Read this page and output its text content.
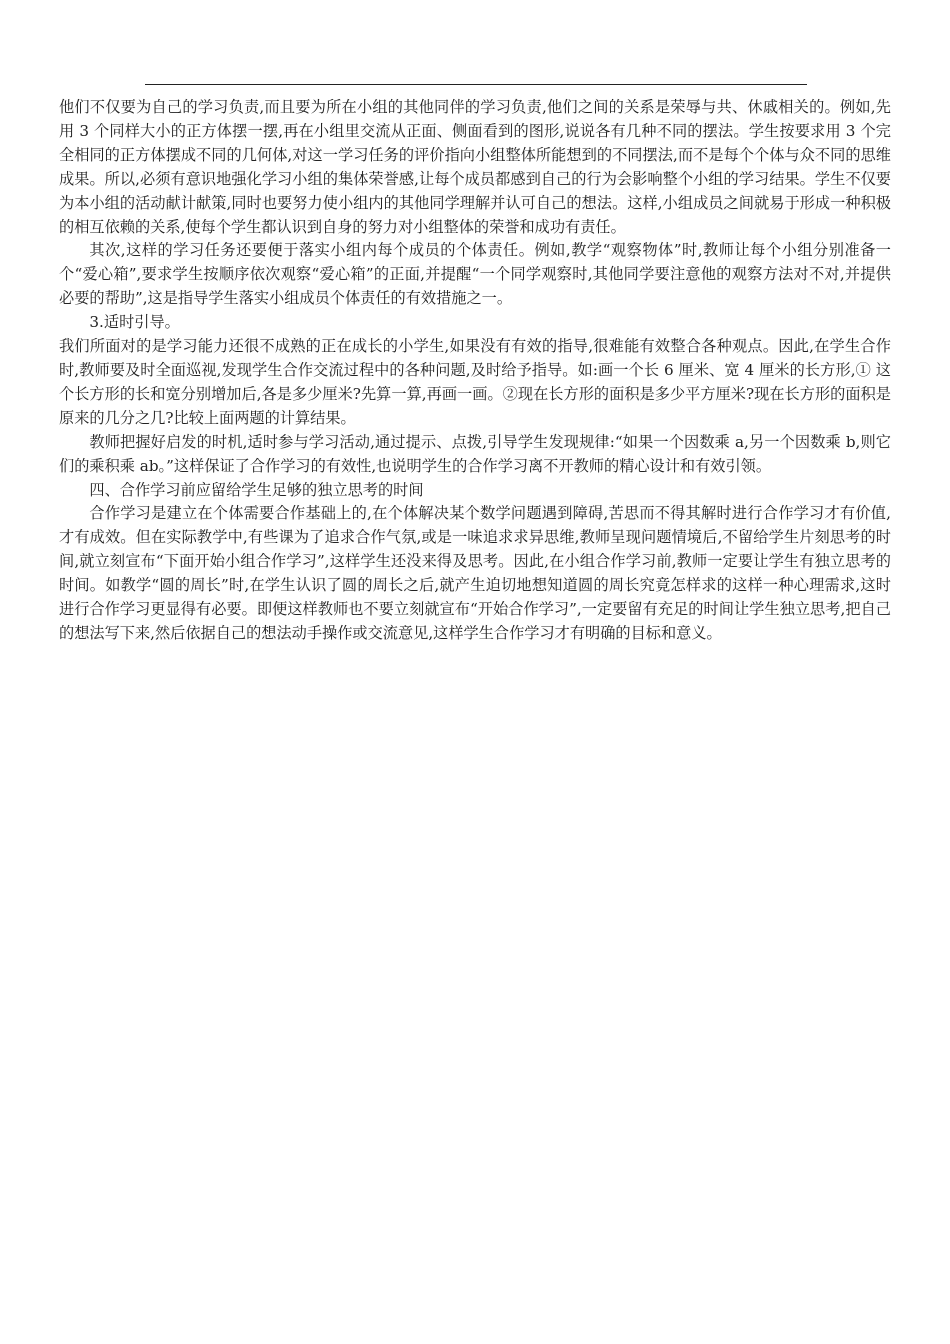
他们不仅要为自己的学习负责,而且要为所在小组的其他同伴的学习负责,他们之间的关系是荣辱与共、休戚相关的。例如,先用 3 个同样大小的正方体摆一摆,再在小组里交流从正面、侧面看到的图形,说说各有几种不同的摆法。学生按要求用 3 个完全相同的正方体摆成不同的几何体,对这一学习任务的评价指向小组整体所能想到的不同摆法,而不是每个个体与众不同的思维成果。所以,必须有意识地强化学习小组的集体荣誉感,让每个成员都感到自己的行为会影响整个小组的学习结果。学生不仅要为本小组的活动献计献策,同时也要努力使小组内的其他同学理解并认可自己的想法。这样,小组成员之间就易于形成一种积极的相互依赖的关系,使每个学生都认识到自身的努力对小组整体的荣誉和成功有责任。

其次,这样的学习任务还要便于落实小组内每个成员的个体责任。例如,教学“观察物体”时,教师让每个小组分别准备一个“爱心箱”,要求学生按顺序依次观察“爱心箱”的正面,并提醒“一个同学观察时,其他同学要注意他的观察方法对不对,并提供必要的帮助”,这是指导学生落实小组成员个体责任的有效措施之一。

3.适时引导。

我们所面对的是学习能力还很不成熟的正在成长的小学生,如果没有有效的指导,很难能有效整合各种观点。因此,在学生合作时,教师要及时全面巡视,发现学生合作交流过程中的各种问题,及时给予指导。如:画一个长 6 厘米、宽 4 厘米的长方形,① 这个长方形的长和宽分别增加后,各是多少厘米?先算一算,再画一画。②现在长方形的面积是多少平方厘米?现在长方形的面积是原来的几分之几?比较上面两题的计算结果。

教师把握好启发的时机,适时参与学习活动,通过提示、点拨,引导学生发现规律:“如果一个因数乘 a,另一个因数乘 b,则它们的乘积乘 ab。”这样保证了合作学习的有效性,也说明学生的合作学习离不开教师的精心设计和有效引领。

四、合作学习前应留给学生足够的独立思考的时间

合作学习是建立在个体需要合作基础上的,在个体解决某个数学问题遇到障碍,苦思而不得其解时进行合作学习才有价值,才有成效。但在实际教学中,有些课为了追求合作气氛,或是一味追求求异思维,教师呈现问题情境后,不留给学生片刻思考的时间,就立刻宣布“下面开始小组合作学习”,这样学生还没来得及思考。因此,在小组合作学习前,教师一定要让学生有独立思考的时间。如教学“圆的周长”时,在学生认识了圆的周长之后,就产生迫切地想知道圆的周长究竟怎样求的这样一种心理需求,这时进行合作学习更显得有必要。即便这样教师也不要立刻就宣布“开始合作学习”,一定要留有充足的时间让学生独立思考,把自己的想法写下来,然后依据自己的想法动手操作或交流意见,这样学生合作学习才有明确的目标和意义。
